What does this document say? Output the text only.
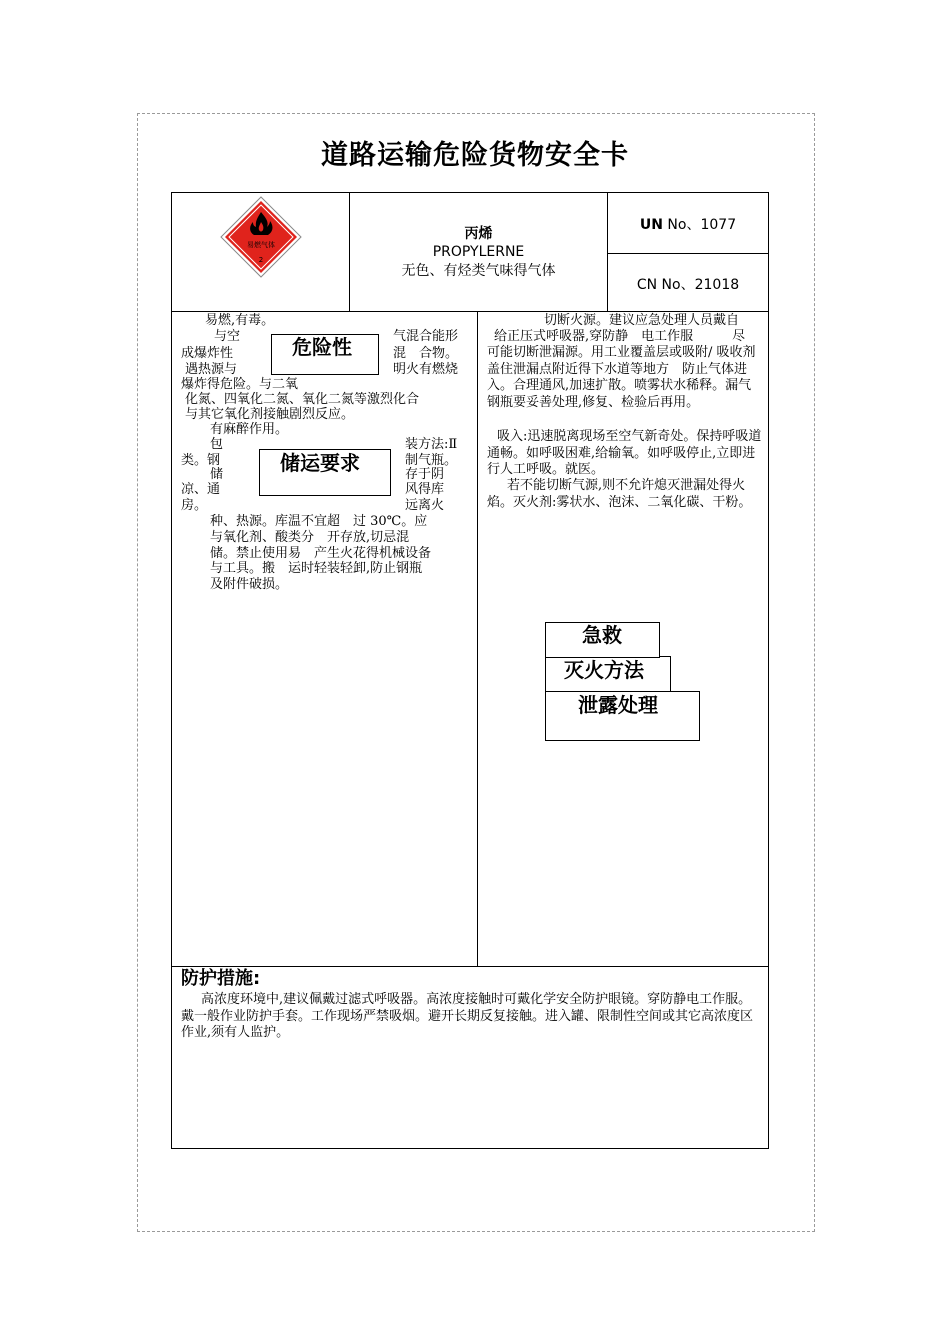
道路运输危险货物安全卡
易燃气体
2
丙烯
PROPYLERNE
无色、有烃类气味得气体
UN No、1077
CN No、21018
易燃,有毒。
与空
成爆炸性
遇热源与
爆炸得危险。与二氧
气混合能形
混　合物。
明火有燃烧
化氮、四氧化二氮、氧化二氮等激烈化合
与其它氧化剂接触剧烈反应。
有麻醉作用。
危险性
包
类。钢
储
凉、通
房。
装方法:Ⅱ
制气瓶。
存于阴
风得库
远离火
储运要求
种、热源。库温不宜超　过 30℃。应
与氧化剂、酸类分　开存放,切忌混
储。禁止使用易　产生火花得机械设备
与工具。搬　运时轻装轻卸,防止钢瓶
及附件破损。
切断火源。建议应急处理人员戴自
给正压式呼吸器,穿防静　电工作服　　　尽
可能切断泄漏源。用工业覆盖层或吸附/ 吸收剂盖住泄漏点附近得下水道等地方　防止气体进入。合理通风,加速扩散。喷雾状水稀释。漏气钢瓶要妥善处理,修复、检验后再用。
吸入:迅速脱离现场至空气新奇处。保持呼吸道通畅。如呼吸困难,给输氧。如呼吸停止,立即进行人工呼吸。就医。
若不能切断气源,则不允许熄灭泄漏处得火焰。灭火剂:雾状水、泡沫、二氧化碳、干粉。
急救
灭火方法
泄露处理
防护措施:
高浓度环境中,建议佩戴过滤式呼吸器。高浓度接触时可戴化学安全防护眼镜。穿防静电工作服。戴一般作业防护手套。工作现场严禁吸烟。避开长期反复接触。进入罐、限制性空间或其它高浓度区作业,须有人监护。
